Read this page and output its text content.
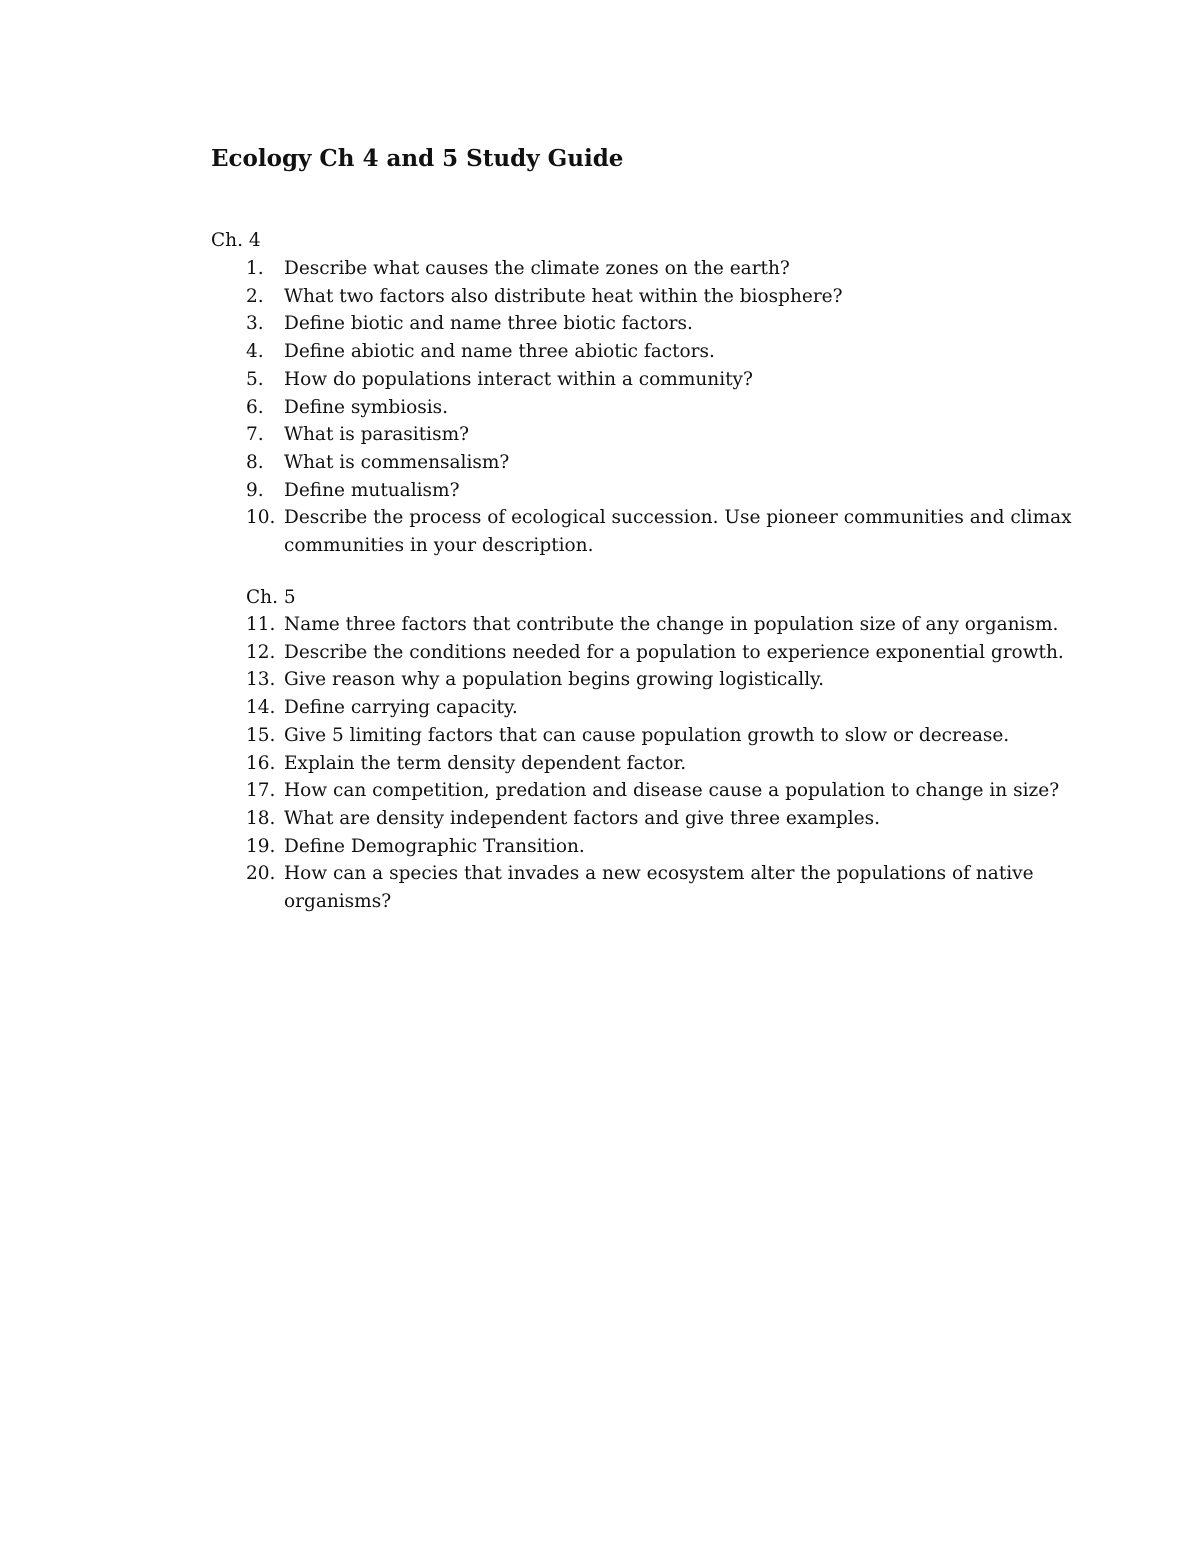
Ecology Ch 4 and 5 Study Guide

Ch. 4

1. Describe what causes the climate zones on the earth?
2. What two factors also distribute heat within the biosphere?
3. Define biotic and name three biotic factors.
4. Define abiotic and name three abiotic factors.
5. How do populations interact within a community?
6. Define symbiosis.
7. What is parasitism?
8. What is commensalism?
9. Define mutualism?
10. Describe the process of ecological succession. Use pioneer communities and climax communities in your description.

Ch. 5

11. Name three factors that contribute the change in population size of any organism.
12. Describe the conditions needed for a population to experience exponential growth.
13. Give reason why a population begins growing logistically.
14. Define carrying capacity.
15. Give 5 limiting factors that can cause population growth to slow or decrease.
16. Explain the term density dependent factor.
17. How can competition, predation and disease cause a population to change in size?
18. What are density independent factors and give three examples.
19. Define Demographic Transition.
20. How can a species that invades a new ecosystem alter the populations of native organisms?
